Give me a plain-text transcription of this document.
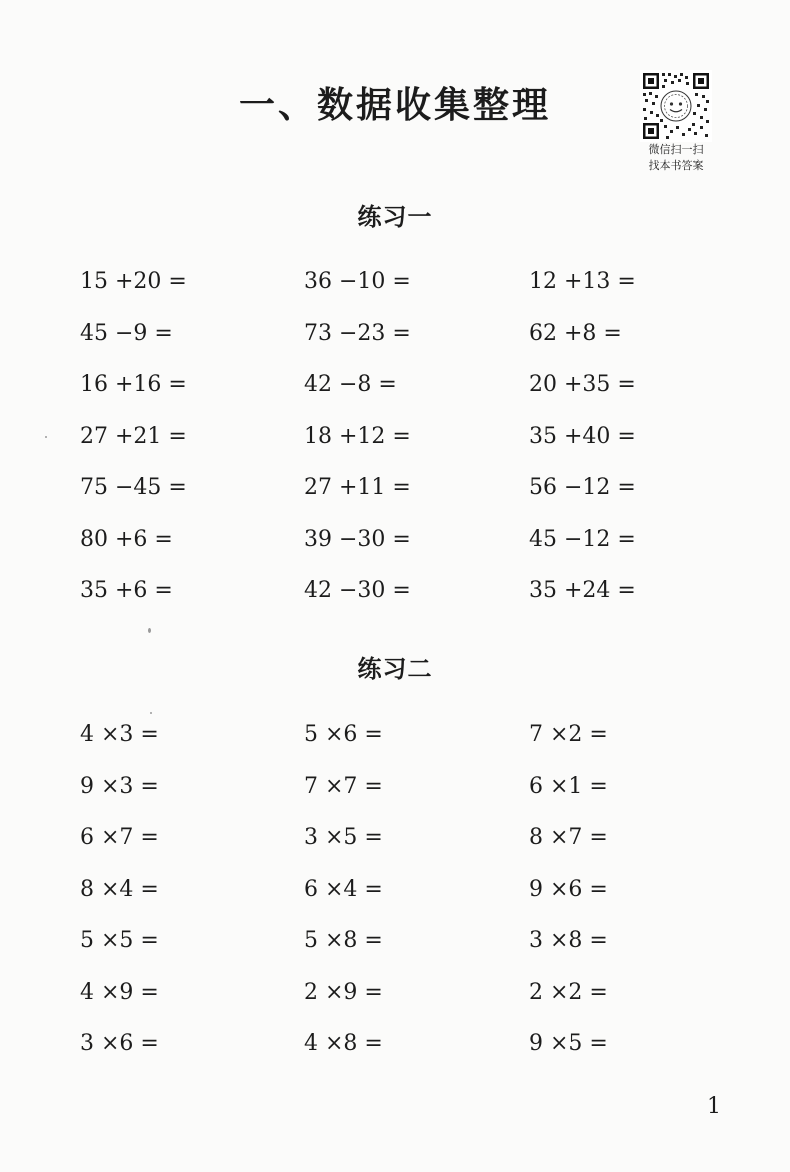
一、数据收集整理
微信扫一扫
找本书答案
练习一
15 +20 =	36 −10 =	12 +13 =
45 −9 =	73 −23 =	62 +8 =
16 +16 =	42 −8 =	20 +35 =
27 +21 =	18 +12 =	35 +40 =
75 −45 =	27 +11 =	56 −12 =
80 +6 =	39 −30 =	45 −12 =
35 +6 =	42 −30 =	35 +24 =
练习二
4 ×3 =	5 ×6 =	7 ×2 =
9 ×3 =	7 ×7 =	6 ×1 =
6 ×7 =	3 ×5 =	8 ×7 =
8 ×4 =	6 ×4 =	9 ×6 =
5 ×5 =	5 ×8 =	3 ×8 =
4 ×9 =	2 ×9 =	2 ×2 =
3 ×6 =	4 ×8 =	9 ×5 =
1
